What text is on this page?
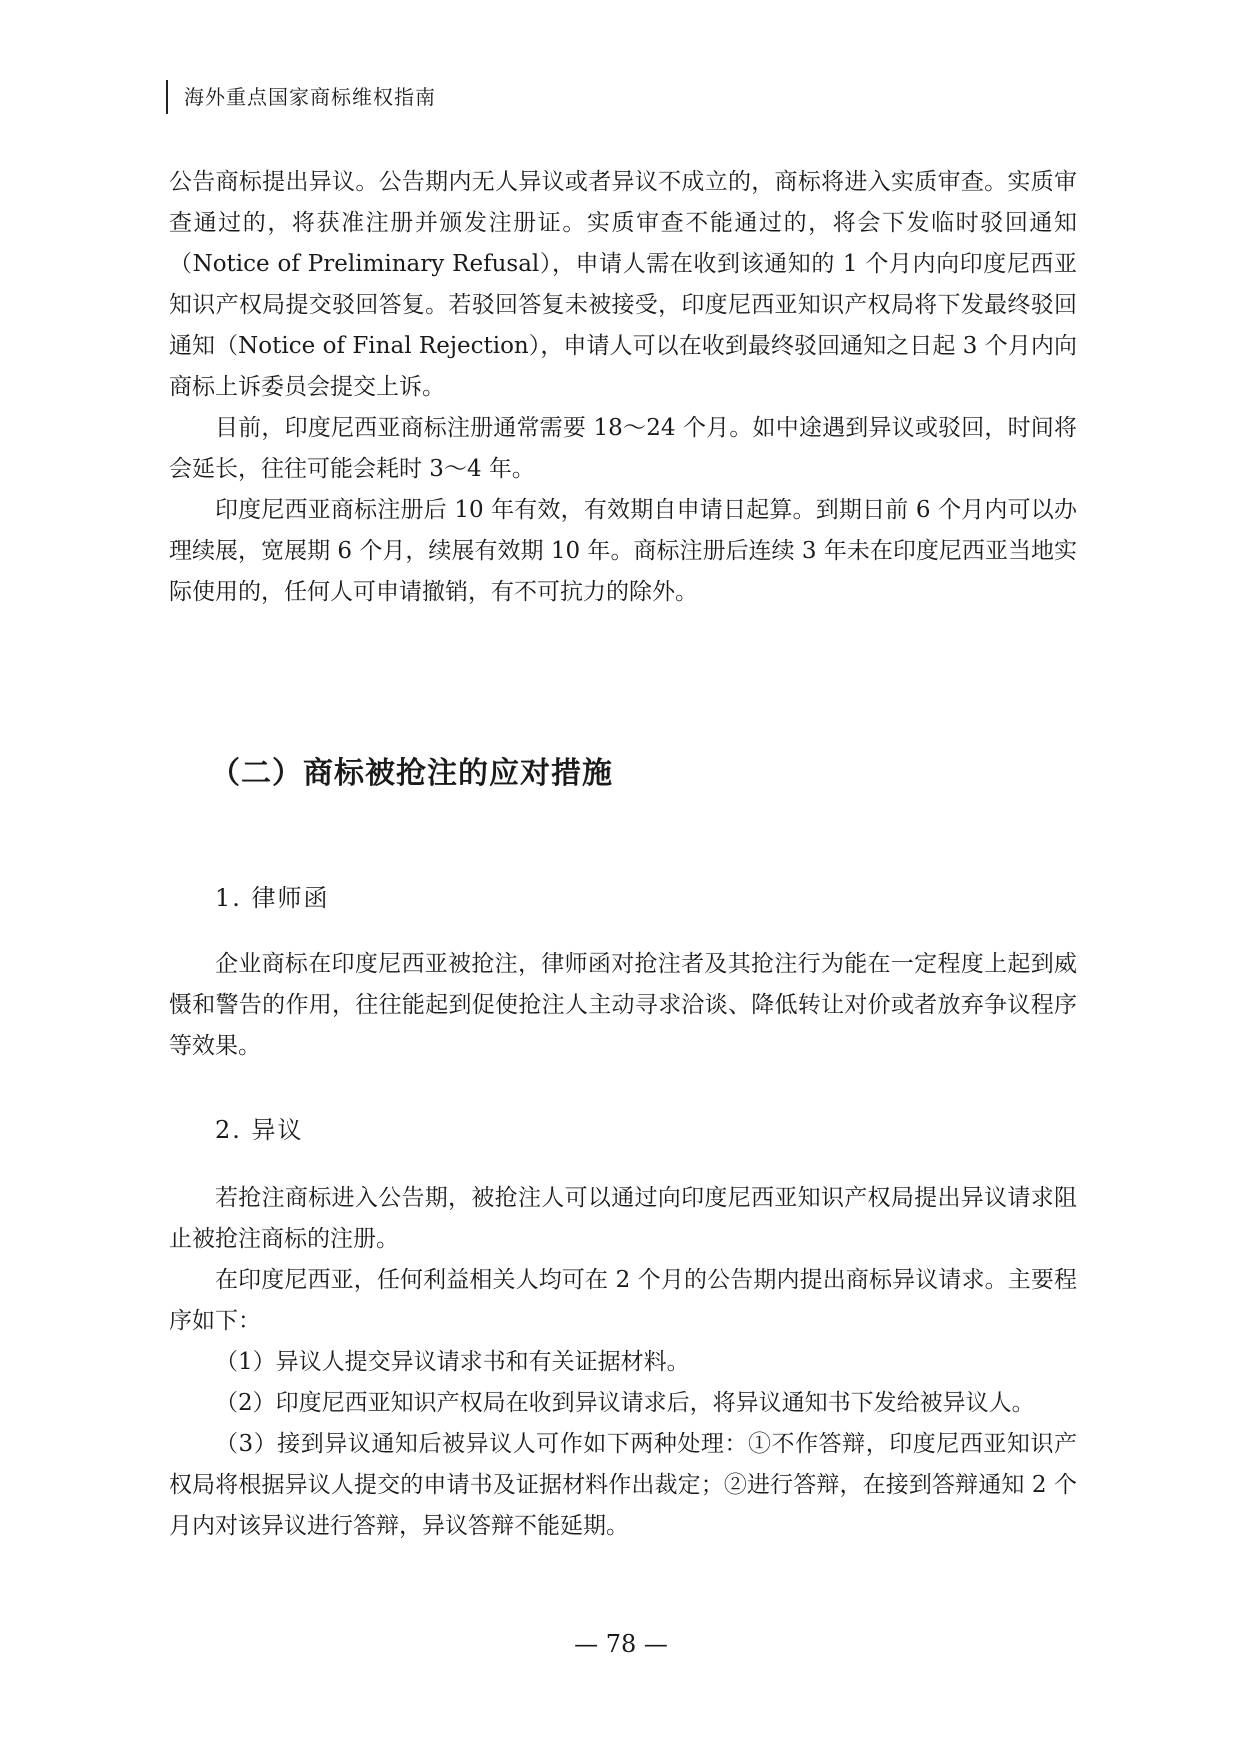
海外重点国家商标维权指南

公告商标提出异议。公告期内无人异议或者异议不成立的，商标将进入实质审查。实质审查通过的，将获准注册并颁发注册证。实质审查不能通过的，将会下发临时驳回通知（Notice of Preliminary Refusal），申请人需在收到该通知的 1 个月内向印度尼西亚知识产权局提交驳回答复。若驳回答复未被接受，印度尼西亚知识产权局将下发最终驳回通知（Notice of Final Rejection），申请人可以在收到最终驳回通知之日起 3 个月内向商标上诉委员会提交上诉。

目前，印度尼西亚商标注册通常需要 18～24 个月。如中途遇到异议或驳回，时间将会延长，往往可能会耗时 3～4 年。

印度尼西亚商标注册后 10 年有效，有效期自申请日起算。到期日前 6 个月内可以办理续展，宽展期 6 个月，续展有效期 10 年。商标注册后连续 3 年未在印度尼西亚当地实际使用的，任何人可申请撤销，有不可抗力的除外。

（二）商标被抢注的应对措施
1. 律师函

企业商标在印度尼西亚被抢注，律师函对抢注者及其抢注行为能在一定程度上起到威慑和警告的作用，往往能起到促使抢注人主动寻求洽谈、降低转让对价或者放弃争议程序等效果。

2. 异议

若抢注商标进入公告期，被抢注人可以通过向印度尼西亚知识产权局提出异议请求阻止被抢注商标的注册。

在印度尼西亚，任何利益相关人均可在 2 个月的公告期内提出商标异议请求。主要程序如下：

（1）异议人提交异议请求书和有关证据材料。

（2）印度尼西亚知识产权局在收到异议请求后，将异议通知书下发给被异议人。

（3）接到异议通知后被异议人可作如下两种处理：①不作答辩，印度尼西亚知识产权局将根据异议人提交的申请书及证据材料作出裁定；②进行答辩，在接到答辩通知 2 个月内对该异议进行答辩，异议答辩不能延期。

— 78 —
